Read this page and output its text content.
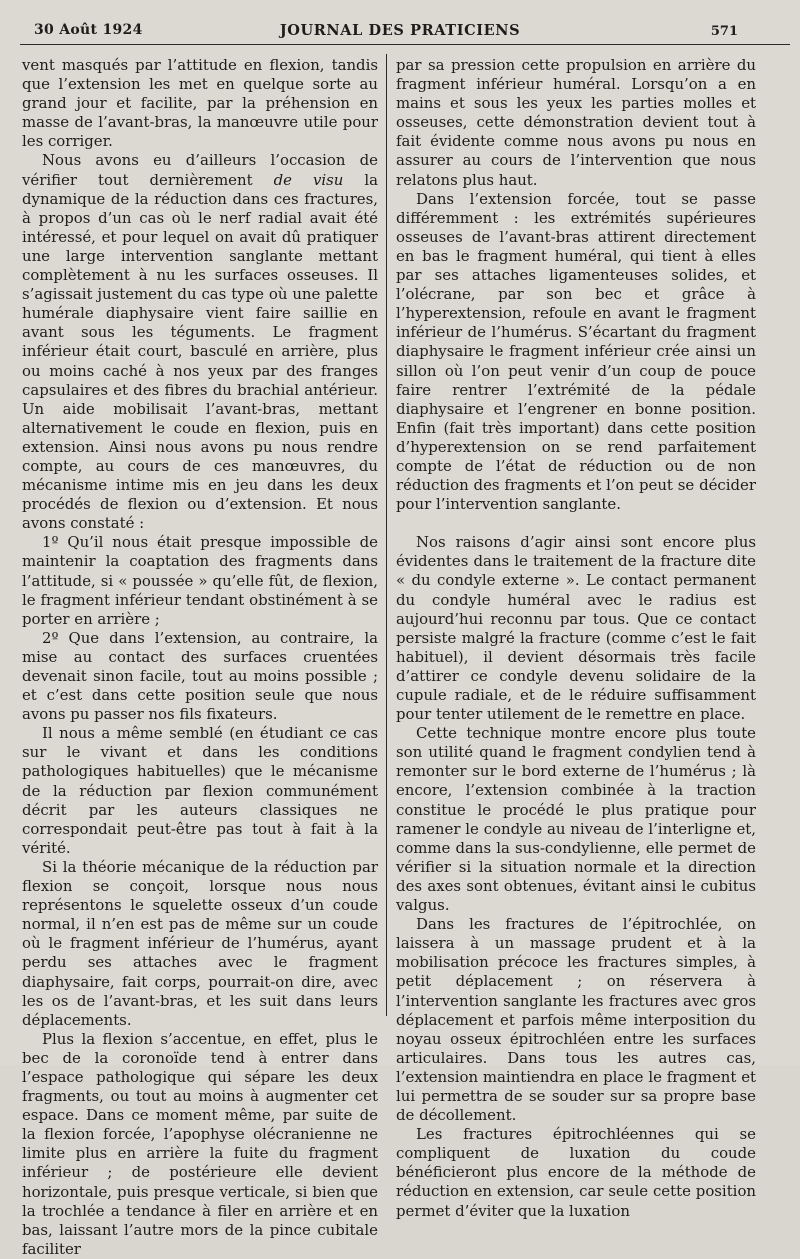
30 Août 1924	JOURNAL DES PRATICIENS	571

vent masqués par l’attitude en flexion, tandis que l’extension les met en quelque sorte au grand jour et facilite, par la préhension en masse de l’avant-bras, la manœuvre utile pour les corriger.

Nous avons eu d’ailleurs l’occasion de vérifier tout dernièrement de visu la dynamique de la réduction dans ces fractures, à propos d’un cas où le nerf radial avait été intéressé, et pour lequel on avait dû pratiquer une large intervention sanglante mettant complètement à nu les surfaces osseuses. Il s’agissait justement du cas type où une palette humérale diaphysaire vient faire saillie en avant sous les téguments. Le fragment inférieur était court, basculé en arrière, plus ou moins caché à nos yeux par des franges capsulaires et des fibres du brachial antérieur. Un aide mobilisait l’avant-bras, mettant alternativement le coude en flexion, puis en extension. Ainsi nous avons pu nous rendre compte, au cours de ces manœuvres, du mécanisme intime mis en jeu dans les deux procédés de flexion ou d’extension. Et nous avons constaté :

1º Qu’il nous était presque impossible de maintenir la coaptation des fragments dans l’attitude, si « poussée » qu’elle fût, de flexion, le fragment inférieur tendant obstinément à se porter en arrière ;

2º Que dans l’extension, au contraire, la mise au contact des surfaces cruentées devenait sinon facile, tout au moins possible ; et c’est dans cette position seule que nous avons pu passer nos fils fixateurs.

Il nous a même semblé (en étudiant ce cas sur le vivant et dans les conditions pathologiques habituelles) que le mécanisme de la réduction par flexion communément décrit par les auteurs classiques ne correspondait peut-être pas tout à fait à la vérité.

Si la théorie mécanique de la réduction par flexion se conçoit, lorsque nous nous représentons le squelette osseux d’un coude normal, il n’en est pas de même sur un coude où le fragment inférieur de l’humérus, ayant perdu ses attaches avec le fragment diaphysaire, fait corps, pourrait-on dire, avec les os de l’avant-bras, et les suit dans leurs déplacements.

Plus la flexion s’accentue, en effet, plus le bec de la coronoïde tend à entrer dans l’espace pathologique qui sépare les deux fragments, ou tout au moins à augmenter cet espace. Dans ce moment même, par suite de la flexion forcée, l’apophyse olécranienne ne limite plus en arrière la fuite du fragment inférieur ; de postérieure elle devient horizontale, puis presque verticale, si bien que la trochlée a tendance à filer en arrière et en bas, laissant l’autre mors de la pince cubitale faciliter

par sa pression cette propulsion en arrière du fragment inférieur huméral. Lorsqu’on a en mains et sous les yeux les parties molles et osseuses, cette démonstration devient tout à fait évidente comme nous avons pu nous en assurer au cours de l’intervention que nous relatons plus haut.

Dans l’extension forcée, tout se passe différemment : les extrémités supérieures osseuses de l’avant-bras attirent directement en bas le fragment huméral, qui tient à elles par ses attaches ligamenteuses solides, et l’olécrane, par son bec et grâce à l’hyperextension, refoule en avant le fragment inférieur de l’humérus. S’écartant du fragment diaphysaire le fragment inférieur crée ainsi un sillon où l’on peut venir d’un coup de pouce faire rentrer l’extrémité de la pédale diaphysaire et l’engrener en bonne position. Enfin (fait très important) dans cette position d’hyperextension on se rend parfaitement compte de l’état de réduction ou de non réduction des fragments et l’on peut se décider pour l’intervention sanglante.

Nos raisons d’agir ainsi sont encore plus évidentes dans le traitement de la fracture dite « du condyle externe ». Le contact permanent du condyle huméral avec le radius est aujourd’hui reconnu par tous. Que ce contact persiste malgré la fracture (comme c’est le fait habituel), il devient désormais très facile d’attirer ce condyle devenu solidaire de la cupule radiale, et de le réduire suffisamment pour tenter utilement de le remettre en place.

Cette technique montre encore plus toute son utilité quand le fragment condylien tend à remonter sur le bord externe de l’humérus ; là encore, l’extension combinée à la traction constitue le procédé le plus pratique pour ramener le condyle au niveau de l’interligne et, comme dans la sus-condylienne, elle permet de vérifier si la situation normale et la direction des axes sont obtenues, évitant ainsi le cubitus valgus.

Dans les fractures de l’épitrochlée, on laissera à un massage prudent et à la mobilisation précoce les fractures simples, à petit déplacement ; on réservera à l’intervention sanglante les fractures avec gros déplacement et parfois même interposition du noyau osseux épitrochléen entre les surfaces articulaires. Dans tous les autres cas, l’extension maintiendra en place le fragment et lui permettra de se souder sur sa propre base de décollement.

Les fractures épitrochléennes qui se compliquent de luxation du coude bénéficieront plus encore de la méthode de réduction en extension, car seule cette position permet d’éviter que la luxation
